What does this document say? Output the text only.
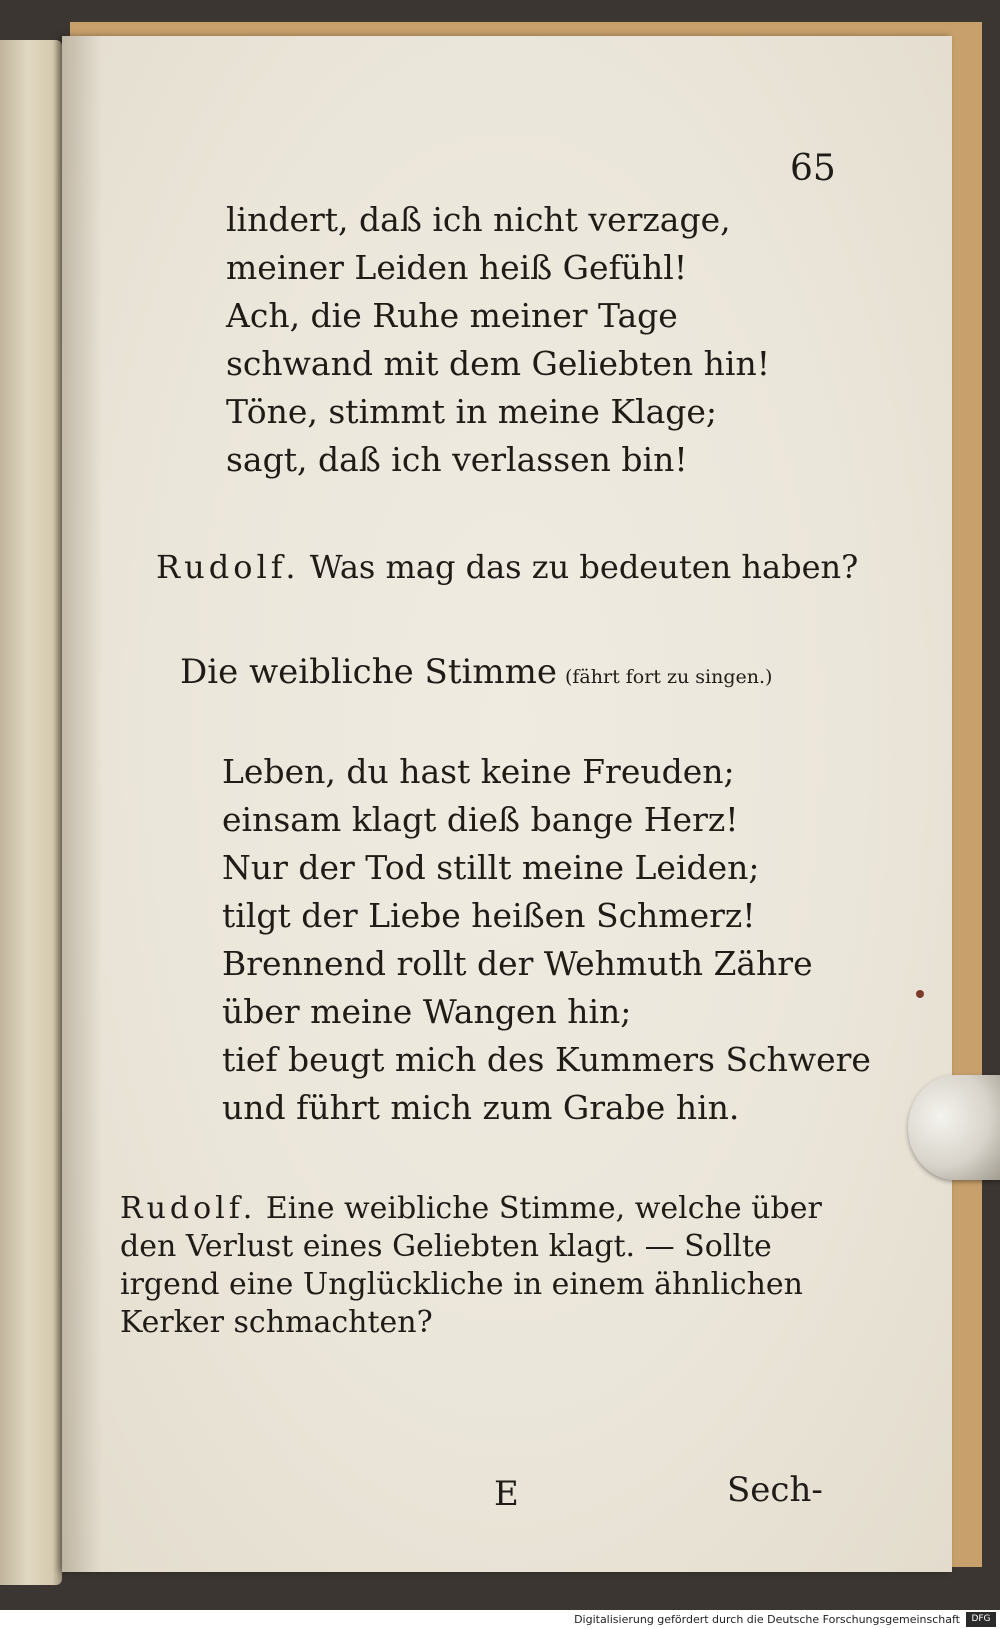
65
lindert, daß ich nicht verzage,
meiner Leiden heiß Gefühl!
Ach, die Ruhe meiner Tage
schwand mit dem Geliebten hin!
Töne, stimmt in meine Klage;
sagt, daß ich verlassen bin!
Rudolf. Was mag das zu bedeuten haben?
Die weibliche Stimme (fährt fort zu singen.)
Leben, du hast keine Freuden;
einsam klagt dieß bange Herz!
Nur der Tod stillt meine Leiden;
tilgt der Liebe heißen Schmerz!
Brennend rollt der Wehmuth Zähre
über meine Wangen hin;
tief beugt mich des Kummers Schwere
und führt mich zum Grabe hin.
Rudolf. Eine weibliche Stimme, welche über den Verlust eines Geliebten klagt. — Sollte irgend eine Unglückliche in einem ähnlichen Kerker schmachten?
E	Sech-
Digitalisierung gefördert durch die Deutsche Forschungsgemeinschaft	DFG
